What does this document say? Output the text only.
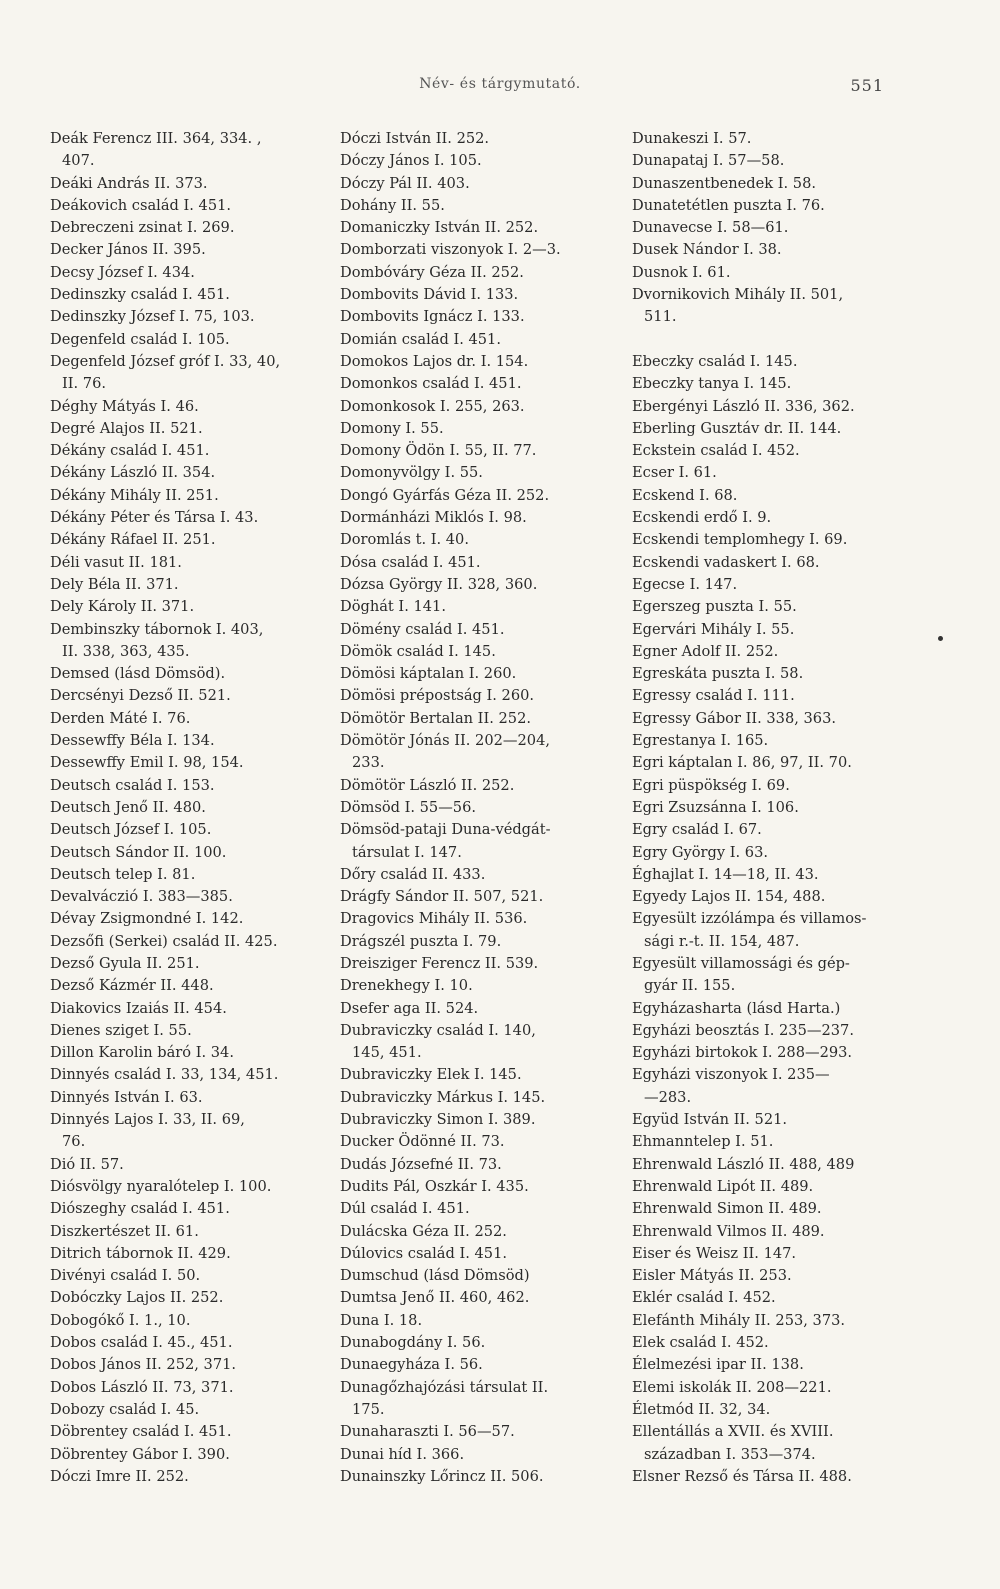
Név- és tárgymutató.	551
Deák Ferencz III. 364, 334. ,
407.
Deáki András II. 373.
Deákovich család I. 451.
Debreczeni zsinat I. 269.
Decker János II. 395.
Decsy József I. 434.
Dedinszky család I. 451.
Dedinszky József I. 75, 103.
Degenfeld család I. 105.
Degenfeld József gróf I. 33, 40,
II. 76.
Déghy Mátyás I. 46.
Degré Alajos II. 521.
Dékány család I. 451.
Dékány László II. 354.
Dékány Mihály II. 251.
Dékány Péter és Társa I. 43.
Dékány Ráfael II. 251.
Déli vasut II. 181.
Dely Béla II. 371.
Dely Károly II. 371.
Dembinszky tábornok I. 403,
II. 338, 363, 435.
Demsed (lásd Dömsöd).
Dercsényi Dezső II. 521.
Derden Máté I. 76.
Dessewffy Béla I. 134.
Dessewffy Emil I. 98, 154.
Deutsch család I. 153.
Deutsch Jenő II. 480.
Deutsch József I. 105.
Deutsch Sándor II. 100.
Deutsch telep I. 81.
Devalváczió I. 383—385.
Dévay Zsigmondné I. 142.
Dezsőfi (Serkei) család II. 425.
Dezső Gyula II. 251.
Dezső Kázmér II. 448.
Diakovics Izaiás II. 454.
Dienes sziget I. 55.
Dillon Karolin báró I. 34.
Dinnyés család I. 33, 134, 451.
Dinnyés István I. 63.
Dinnyés Lajos I. 33, II. 69,
76.
Dió II. 57.
Diósvölgy nyaralótelep I. 100.
Diószeghy család I. 451.
Diszkertészet II. 61.
Ditrich tábornok II. 429.
Divényi család I. 50.
Dobóczky Lajos II. 252.
Dobogókő I. 1., 10.
Dobos család I. 45., 451.
Dobos János II. 252, 371.
Dobos László II. 73, 371.
Dobozy család I. 45.
Döbrentey család I. 451.
Döbrentey Gábor I. 390.
Dóczi Imre II. 252.
Dóczi István II. 252.
Dóczy János I. 105.
Dóczy Pál II. 403.
Dohány II. 55.
Domaniczky István II. 252.
Domborzati viszonyok I. 2—3.
Dombóváry Géza II. 252.
Dombovits Dávid I. 133.
Dombovits Ignácz I. 133.
Domián család I. 451.
Domokos Lajos dr. I. 154.
Domonkos család I. 451.
Domonkosok I. 255, 263.
Domony I. 55.
Domony Ödön I. 55, II. 77.
Domonyvölgy I. 55.
Dongó Gyárfás Géza II. 252.
Dormánházi Miklós I. 98.
Doromlás t. I. 40.
Dósa család I. 451.
Dózsa György II. 328, 360.
Döghát I. 141.
Dömény család I. 451.
Dömök család I. 145.
Dömösi káptalan I. 260.
Dömösi prépostság I. 260.
Dömötör Bertalan II. 252.
Dömötör Jónás II. 202—204,
233.
Dömötör László II. 252.
Dömsöd I. 55—56.
Dömsöd-pataji Duna-védgát-
társulat I. 147.
Dőry család II. 433.
Drágfy Sándor II. 507, 521.
Dragovics Mihály II. 536.
Drágszél puszta I. 79.
Dreisziger Ferencz II. 539.
Drenekhegy I. 10.
Dsefer aga II. 524.
Dubraviczky család I. 140,
145, 451.
Dubraviczky Elek I. 145.
Dubraviczky Márkus I. 145.
Dubraviczky Simon I. 389.
Ducker Ödönné II. 73.
Dudás Józsefné II. 73.
Dudits Pál, Oszkár I. 435.
Dúl család I. 451.
Dulácska Géza II. 252.
Dúlovics család I. 451.
Dumschud (lásd Dömsöd)
Dumtsa Jenő II. 460, 462.
Duna I. 18.
Dunabogdány I. 56.
Dunaegyháza I. 56.
Dunagőzhajózási társulat II.
175.
Dunaharaszti I. 56—57.
Dunai híd I. 366.
Dunainszky Lőrincz II. 506.
Dunakeszi I. 57.
Dunapataj I. 57—58.
Dunaszentbenedek I. 58.
Dunatetétlen puszta I. 76.
Dunavecse I. 58—61.
Dusek Nándor I. 38.
Dusnok I. 61.
Dvornikovich Mihály II. 501,
511.

Ebeczky család I. 145.
Ebeczky tanya I. 145.
Ebergényi László II. 336, 362.
Eberling Gusztáv dr. II. 144.
Eckstein család I. 452.
Ecser I. 61.
Ecskend I. 68.
Ecskendi erdő I. 9.
Ecskendi templomhegy I. 69.
Ecskendi vadaskert I. 68.
Egecse I. 147.
Egerszeg puszta I. 55.
Egervári Mihály I. 55.
Egner Adolf II. 252.
Egreskáta puszta I. 58.
Egressy család I. 111.
Egressy Gábor II. 338, 363.
Egrestanya I. 165.
Egri káptalan I. 86, 97, II. 70.
Egri püspökség I. 69.
Egri Zsuzsánna I. 106.
Egry család I. 67.
Egry György I. 63.
Éghajlat I. 14—18, II. 43.
Egyedy Lajos II. 154, 488.
Egyesült izzólámpa és villamos-
sági r.-t. II. 154, 487.
Egyesült villamossági és gép-
gyár II. 155.
Egyházasharta (lásd Harta.)
Egyházi beosztás I. 235—237.
Egyházi birtokok I. 288—293.
Egyházi viszonyok I. 235—
—283.
Együd István II. 521.
Ehmanntelep I. 51.
Ehrenwald László II. 488, 489
Ehrenwald Lipót II. 489.
Ehrenwald Simon II. 489.
Ehrenwald Vilmos II. 489.
Eiser és Weisz II. 147.
Eisler Mátyás II. 253.
Eklér család I. 452.
Elefánth Mihály II. 253, 373.
Elek család I. 452.
Élelmezési ipar II. 138.
Elemi iskolák II. 208—221.
Életmód II. 32, 34.
Ellentállás a XVII. és XVIII.
században I. 353—374.
Elsner Rezső és Társa II. 488.
